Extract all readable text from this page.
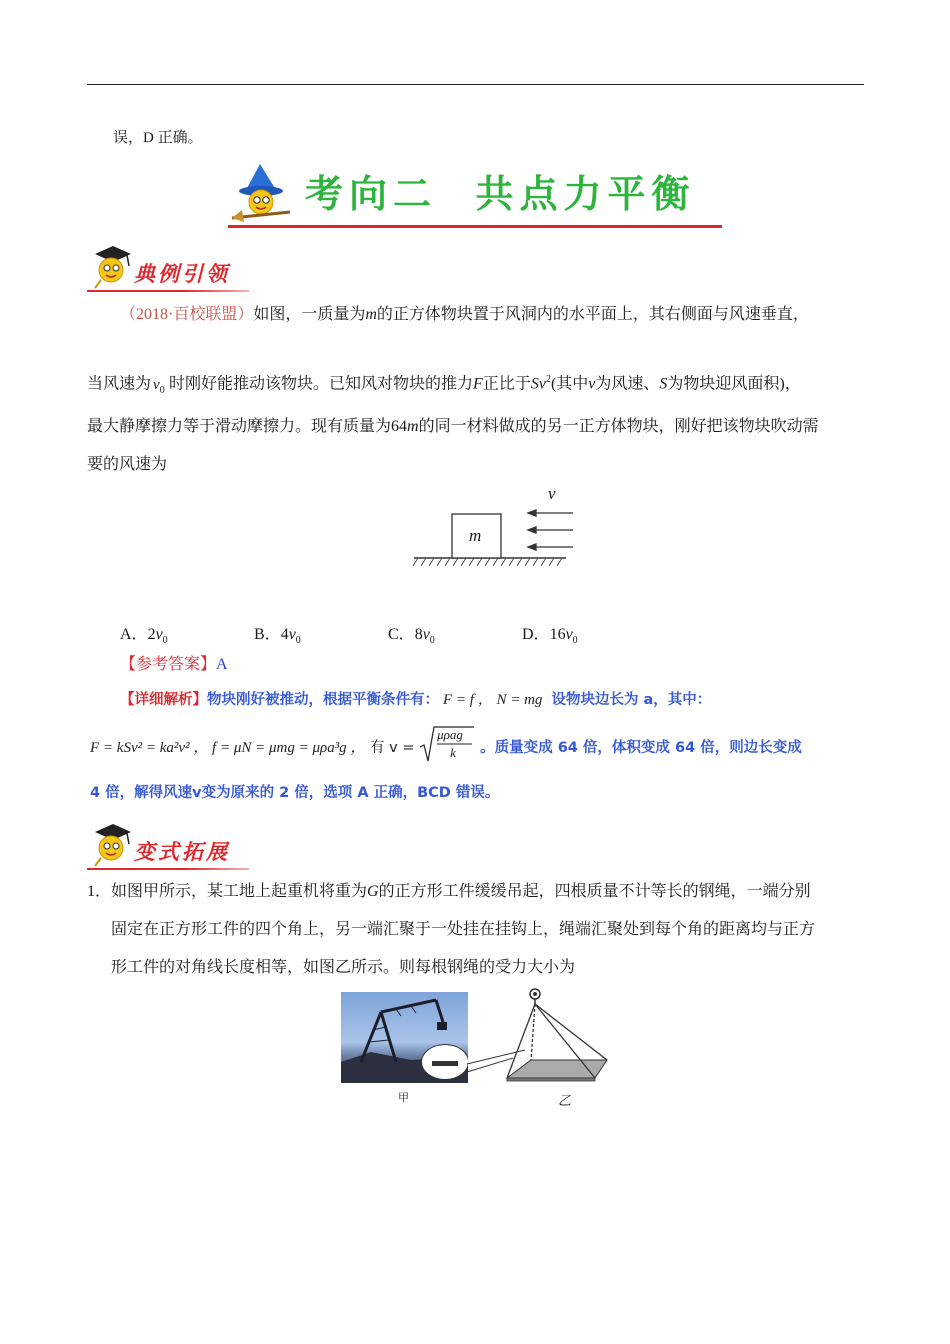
误，D 正确。
考向二  共点力平衡
典例引领
（2018·百校联盟）如图，一质量为m的正方体物块置于风洞内的水平面上，其右侧面与风速垂直，
当风速为 $v_0$ 时刚好能推动该物块。已知风对物块的推力F正比于Sv$^2$(其中v为风速、S为物块迎风面积)，
最大静摩擦力等于滑动摩擦力。现有质量为64m的同一材料做成的另一正方体物块，刚好把该物块吹动需
要的风速为
m
v
A．$2v_0$	B．$4v_0$	C．$8v_0$	D．$16v_0$
【参考答案】A
【详细解析】物块刚好被推动，根据平衡条件有： F = f ， N = mg 设物块边长为 a，其中：
F = kSv² = ka²v² ， f = μN = μmg = μρa³g ， 有 v =
μρag
k 。质量变成 64 倍，体积变成 64 倍，则边长变成
4 倍，解得风速v变为原来的 2 倍，选项 A 正确，BCD 错误。
变式拓展
1．如图甲所示，某工地上起重机将重为G的正方形工件缓缓吊起，四根质量不计等长的钢绳，一端分别
固定在正方形工件的四个角上，另一端汇聚于一处挂在挂钩上，绳端汇聚处到每个角的距离均与正方
形工件的对角线长度相等，如图乙所示。则每根钢绳的受力大小为
甲	乙
